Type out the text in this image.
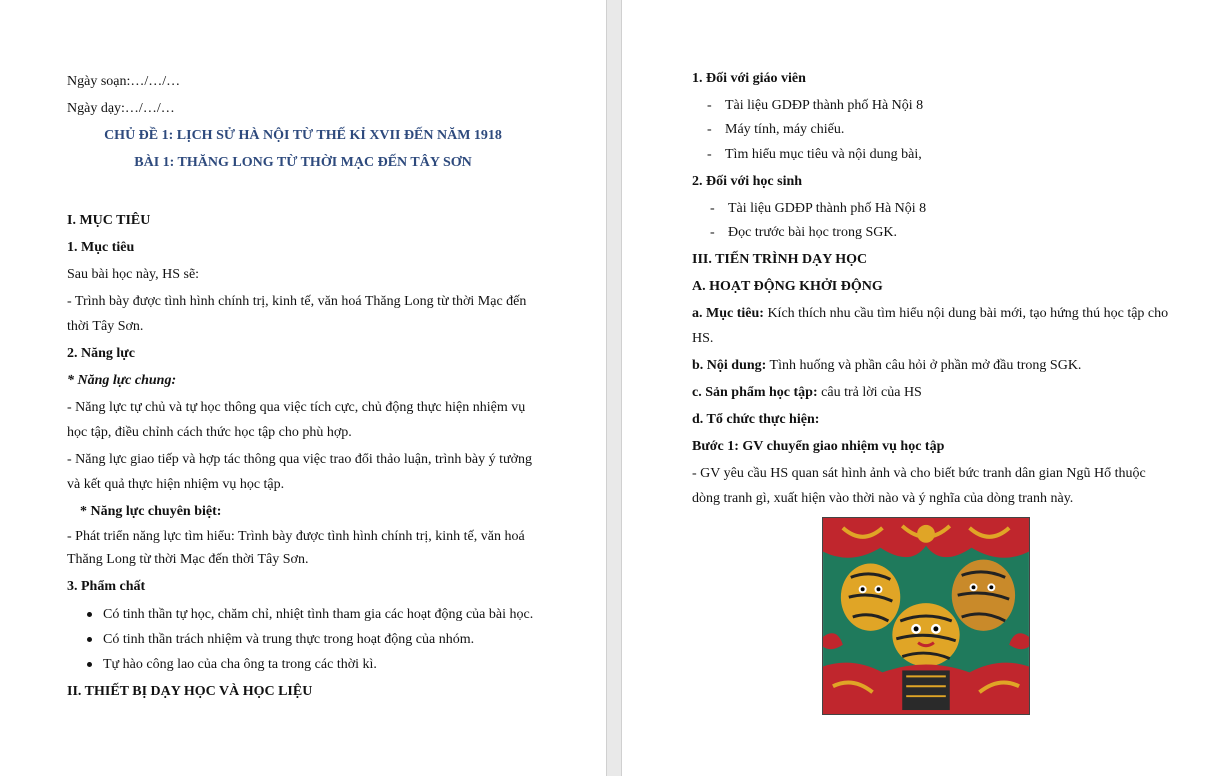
Ngày soạn:…/…/…
Ngày dạy:…/…/…
CHỦ ĐỀ 1: LỊCH SỬ HÀ NỘI TỪ THẾ KỈ XVII ĐẾN NĂM 1918
BÀI 1: THĂNG LONG TỪ THỜI MẠC ĐẾN TÂY SƠN
I. MỤC TIÊU
1. Mục tiêu
Sau bài học này, HS sẽ:
- Trình bày được tình hình chính trị, kinh tế, văn hoá Thăng Long từ thời Mạc đến
thời Tây Sơn.
2. Năng lực
* Năng lực chung:
- Năng lực tự chủ và tự học thông qua việc tích cực, chủ động thực hiện nhiệm vụ
học tập, điều chỉnh cách thức học tập cho phù hợp.
- Năng lực giao tiếp và hợp tác thông qua việc trao đổi thảo luận, trình bày ý tưởng
và kết quả thực hiện nhiệm vụ học tập.
* Năng lực chuyên biệt:
- Phát triển năng lực tìm hiểu: Trình bày được tình hình chính trị, kinh tế, văn hoá
Thăng Long từ thời Mạc đến thời Tây Sơn.
3. Phẩm chất
Có tinh thần tự học, chăm chỉ, nhiệt tình tham gia các hoạt động của bài học.
Có tinh thần trách nhiệm và trung thực trong hoạt động của nhóm.
Tự hào công lao của cha ông ta trong các thời kì.
II. THIẾT BỊ DẠY HỌC VÀ HỌC LIỆU
1. Đối với giáo viên
- Tài liệu GDĐP thành phố Hà Nội 8
- Máy tính, máy chiếu.
- Tìm hiểu mục tiêu và nội dung bài,
2. Đối với học sinh
- Tài liệu GDĐP thành phố Hà Nội 8
- Đọc trước bài học trong SGK.
III. TIẾN TRÌNH DẠY HỌC
A. HOẠT ĐỘNG KHỞI ĐỘNG
a. Mục tiêu: Kích thích nhu cầu tìm hiểu nội dung bài mới, tạo hứng thú học tập cho
HS.
b. Nội dung: Tình huống và phần câu hỏi ở phần mở đầu trong SGK.
c. Sản phẩm học tập: câu trả lời của HS
d. Tổ chức thực hiện:
Bước 1: GV chuyển giao nhiệm vụ học tập
- GV yêu cầu HS quan sát hình ảnh và cho biết bức tranh dân gian Ngũ Hổ thuộc
dòng tranh gì, xuất hiện vào thời nào và ý nghĩa của dòng tranh này.
